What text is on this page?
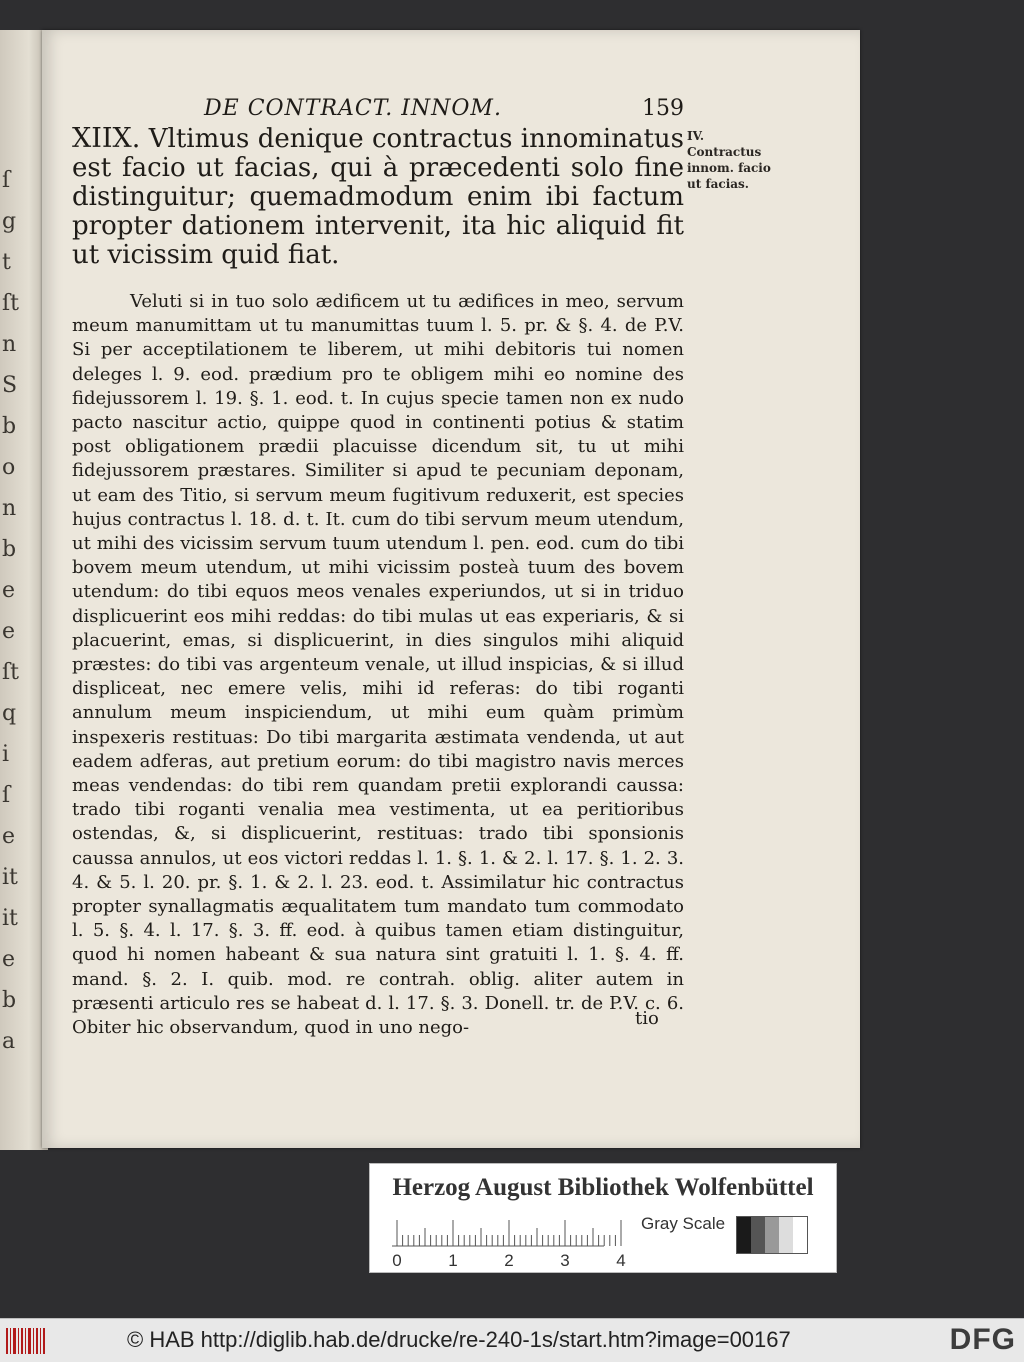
ſ
g
t
ſt
n
S
b
o
n
b
e
e
ſt
q
i
ſ
e
it
it
e
b
a
DE CONTRACT. INNOM.	159
XIIX. Vltimus denique contractus innominatus est facio ut facias, qui à præcedenti solo fine distinguitur; quemadmodum enim ibi factum propter dationem intervenit, ita hic aliquid fit ut vicissim quid fiat.
IV. Contractus innom. facio ut facias.

Veluti si in tuo solo ædificem ut tu ædifices in meo, servum meum manumittam ut tu manumittas tuum l. 5. pr. & §. 4. de P.V. Si per acceptilationem te liberem, ut mihi debitoris tui nomen deleges l. 9. eod. prædium pro te obligem mihi eo nomine des fidejussorem l. 19. §. 1. eod. t. In cujus specie tamen non ex nudo pacto nascitur actio, quippe quod in continenti potius & statim post obligationem prædii placuisse dicendum sit, tu ut mihi fidejussorem præstares. Similiter si apud te pecuniam deponam, ut eam des Titio, si servum meum fugitivum reduxerit, est species hujus contractus l. 18. d. t. It. cum do tibi servum meum utendum, ut mihi des vicissim servum tuum utendum l. pen. eod. cum do tibi bovem meum utendum, ut mihi vicissim posteà tuum des bovem utendum: do tibi equos meos venales experiundos, ut si in triduo displicuerint eos mihi reddas: do tibi mulas ut eas experiaris, & si placuerint, emas, si displicuerint, in dies singulos mihi aliquid præstes: do tibi vas argenteum venale, ut illud inspicias, & si illud displiceat, nec emere velis, mihi id referas: do tibi roganti annulum meum inspiciendum, ut mihi eum quàm primùm inspexeris restituas: Do tibi margarita æstimata vendenda, ut aut eadem adferas, aut pretium eorum: do tibi magistro navis merces meas vendendas: do tibi rem quandam pretii explorandi caussa: trado tibi roganti venalia mea vestimenta, ut ea peritioribus ostendas, &, si displicuerint, restituas: trado tibi sponsionis caussa annulos, ut eos victori reddas l. 1. §. 1. & 2. l. 17. §. 1. 2. 3. 4. & 5. l. 20. pr. §. 1. & 2. l. 23. eod. t. Assimilatur hic contractus propter synallagmatis æqualitatem tum mandato tum commodato l. 5. §. 4. l. 17. §. 3. ff. eod. à quibus tamen etiam distinguitur, quod hi nomen habeant & sua natura sint gratuiti l. 1. §. 4. ff. mand. §. 2. I. quib. mod. re contrah. oblig. aliter autem in præsenti articulo res se habeat d. l. 17. §. 3. Donell. tr. de P.V. c. 6. Obiter hic observandum, quod in uno nego-	tio
Herzog August Bibliothek Wolfenbüttel
0	1	2	3	4
Gray Scale
© HAB http://diglib.hab.de/drucke/re-240-1s/start.htm?image=00167	DFG
